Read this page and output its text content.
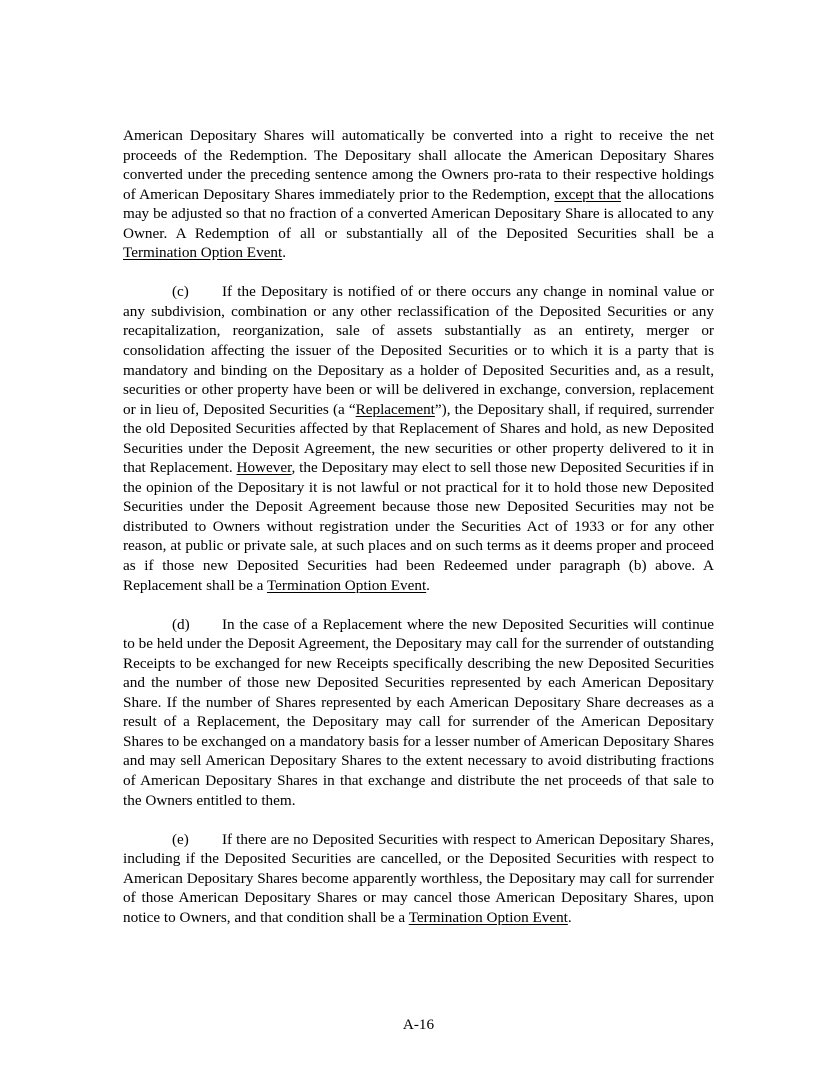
American Depositary Shares will automatically be converted into a right to receive the net proceeds of the Redemption. The Depositary shall allocate the American Depositary Shares converted under the preceding sentence among the Owners pro-rata to their respective holdings of American Depositary Shares immediately prior to the Redemption, except that the allocations may be adjusted so that no fraction of a converted American Depositary Share is allocated to any Owner. A Redemption of all or substantially all of the Deposited Securities shall be a Termination Option Event.

(c) If the Depositary is notified of or there occurs any change in nominal value or any subdivision, combination or any other reclassification of the Deposited Securities or any recapitalization, reorganization, sale of assets substantially as an entirety, merger or consolidation affecting the issuer of the Deposited Securities or to which it is a party that is mandatory and binding on the Depositary as a holder of Deposited Securities and, as a result, securities or other property have been or will be delivered in exchange, conversion, replacement or in lieu of, Deposited Securities (a “Replacement”), the Depositary shall, if required, surrender the old Deposited Securities affected by that Replacement of Shares and hold, as new Deposited Securities under the Deposit Agreement, the new securities or other property delivered to it in that Replacement. However, the Depositary may elect to sell those new Deposited Securities if in the opinion of the Depositary it is not lawful or not practical for it to hold those new Deposited Securities under the Deposit Agreement because those new Deposited Securities may not be distributed to Owners without registration under the Securities Act of 1933 or for any other reason, at public or private sale, at such places and on such terms as it deems proper and proceed as if those new Deposited Securities had been Redeemed under paragraph (b) above. A Replacement shall be a Termination Option Event.

(d) In the case of a Replacement where the new Deposited Securities will continue to be held under the Deposit Agreement, the Depositary may call for the surrender of outstanding Receipts to be exchanged for new Receipts specifically describing the new Deposited Securities and the number of those new Deposited Securities represented by each American Depositary Share. If the number of Shares represented by each American Depositary Share decreases as a result of a Replacement, the Depositary may call for surrender of the American Depositary Shares to be exchanged on a mandatory basis for a lesser number of American Depositary Shares and may sell American Depositary Shares to the extent necessary to avoid distributing fractions of American Depositary Shares in that exchange and distribute the net proceeds of that sale to the Owners entitled to them.

(e) If there are no Deposited Securities with respect to American Depositary Shares, including if the Deposited Securities are cancelled, or the Deposited Securities with respect to American Depositary Shares become apparently worthless, the Depositary may call for surrender of those American Depositary Shares or may cancel those American Depositary Shares, upon notice to Owners, and that condition shall be a Termination Option Event.

A-16
